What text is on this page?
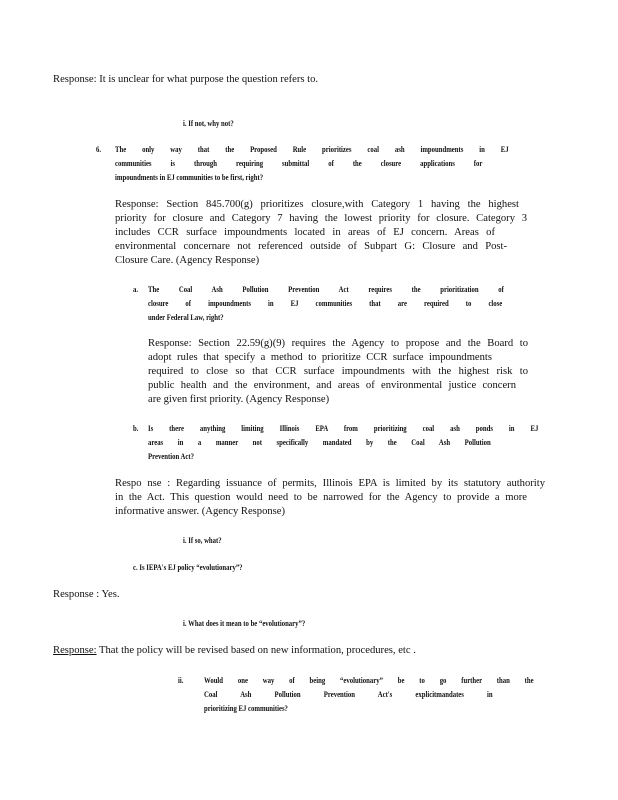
Response: It is unclear for what purpose the question refers to.
i. If not, why not?
6. The only way that the Proposed Rule prioritizes coal ash impoundments in EJ
communities is through requiring submittal of the closure applications for
impoundments in EJ communities to be first, right?
Response: Section 845.700(g) prioritizes closure,with Category 1 having the highest
priority for closure and Category 7 having the lowest priority for closure. Category 3
includes CCR surface impoundments located in areas of EJ concern. Areas of
environmental concernare not referenced outside of Subpart G: Closure and Post-
Closure Care. (Agency Response)
a. The Coal Ash Pollution Prevention Act requires the prioritization of
closure of impoundments in EJ communities that are required to close
under Federal Law, right?
Response: Section 22.59(g)(9) requires the Agency to propose and the Board to
adopt rules that specify a method to prioritize CCR surface impoundments
required to close so that CCR surface impoundments with the highest risk to
public health and the environment, and areas of environmental justice concern
are given first priority. (Agency Response)
b. Is there anything limiting Illinois EPA from prioritizing coal ash ponds in EJ
areas in a manner not specifically mandated by the Coal Ash Pollution
Prevention Act?
Respo nse : Regarding issuance of permits, Illinois EPA is limited by its statutory authority
in the Act. This question would need to be narrowed for the Agency to provide a more
informative answer. (Agency Response)
i. If so, what?
c. Is IEPA's EJ policy “evolutionary”?
Response : Yes.
i. What does it mean to be “evolutionary”?
Response: That the policy will be revised based on new information, procedures, etc .
ii.	Would one way of being “evolutionary” be to go further than the
Coal Ash Pollution Prevention Act's explicitmandates in
prioritizing EJ communities?
